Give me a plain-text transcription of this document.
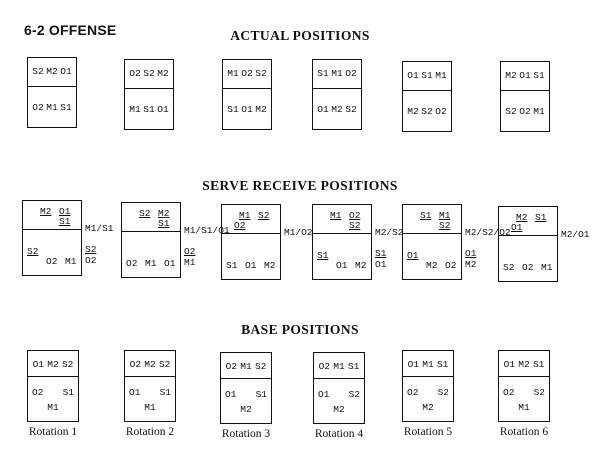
6-2 OFFENSE	ACTUAL POSITIONS
SERVE RECEIVE POSITIONS
BASE POSITIONS
S2 M2 O1
O2 M1 S1
O2 S2 M2
M1 S1 O1
M1 O2 S2
S1 O1 M2
S1 M1 O2
O1 M2 S2
O1 S1 M1
M2 S2 O2
M2 O1 S1
S2 O2 M1
M2 O1
S1
S2
O2 M1
S2 M2
S1
O2 M1 O1
M1 S2
O2
S1 O1 M2
M1 O2
S2
S1
O1 M2
S1 M1
S2
O1
M2 O2
M2 S1
O1
S2 O2 M1
O1 M2 S2
O2 S1
M1
O2 M2 S2
O1 S1
M1
O2 M1 S2
O1 S1
M2
O2 M1 S1
O1 S2
M2
O1 M1 S1
O2 S2
M2
O1 M2 S1
O2 S2
M1
M1/S1
S2
O2
M1/S1/O1
O2
M1
M1/O2	M2/S2
S1
O1
M2/S2/O2
O1
M2
M2/O1
Rotation 1	Rotation 2	Rotation 3	Rotation 4	Rotation 5	Rotation 6
